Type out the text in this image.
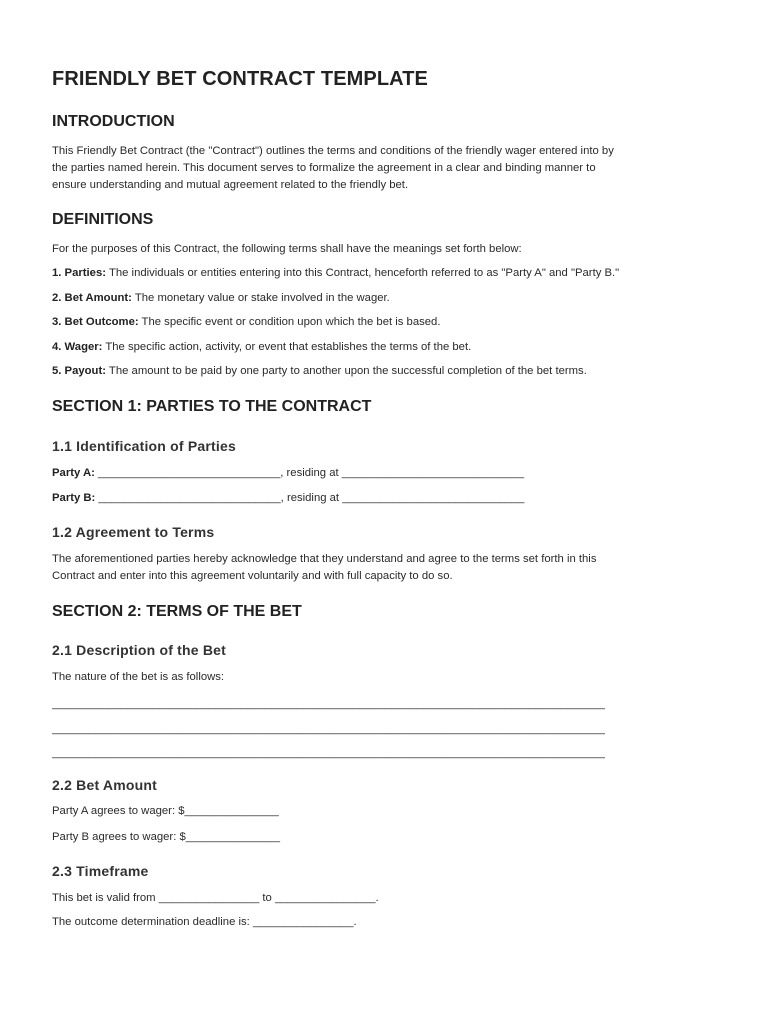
FRIENDLY BET CONTRACT TEMPLATE
INTRODUCTION

This Friendly Bet Contract (the "Contract") outlines the terms and conditions of the friendly wager entered into by

the parties named herein. This document serves to formalize the agreement in a clear and binding manner to

ensure understanding and mutual agreement related to the friendly bet.

DEFINITIONS

For the purposes of this Contract, the following terms shall have the meanings set forth below:

1. Parties: The individuals or entities entering into this Contract, henceforth referred to as "Party A" and "Party B."

2. Bet Amount: The monetary value or stake involved in the wager.

3. Bet Outcome: The specific event or condition upon which the bet is based.

4. Wager: The specific action, activity, or event that establishes the terms of the bet.

5. Payout: The amount to be paid by one party to another upon the successful completion of the bet terms.

SECTION 1: PARTIES TO THE CONTRACT
1.1 Identification of Parties

Party A: _____________________________, residing at _____________________________

Party B: _____________________________, residing at _____________________________

1.2 Agreement to Terms

The aforementioned parties hereby acknowledge that they understand and agree to the terms set forth in this

Contract and enter into this agreement voluntarily and with full capacity to do so.

SECTION 2: TERMS OF THE BET
2.1 Description of the Bet

The nature of the bet is as follows:

________________________________________________________________________________________

________________________________________________________________________________________

________________________________________________________________________________________

2.2 Bet Amount

Party A agrees to wager: $_______________

Party B agrees to wager: $_______________

2.3 Timeframe

This bet is valid from ________________ to ________________.

The outcome determination deadline is: ________________.
